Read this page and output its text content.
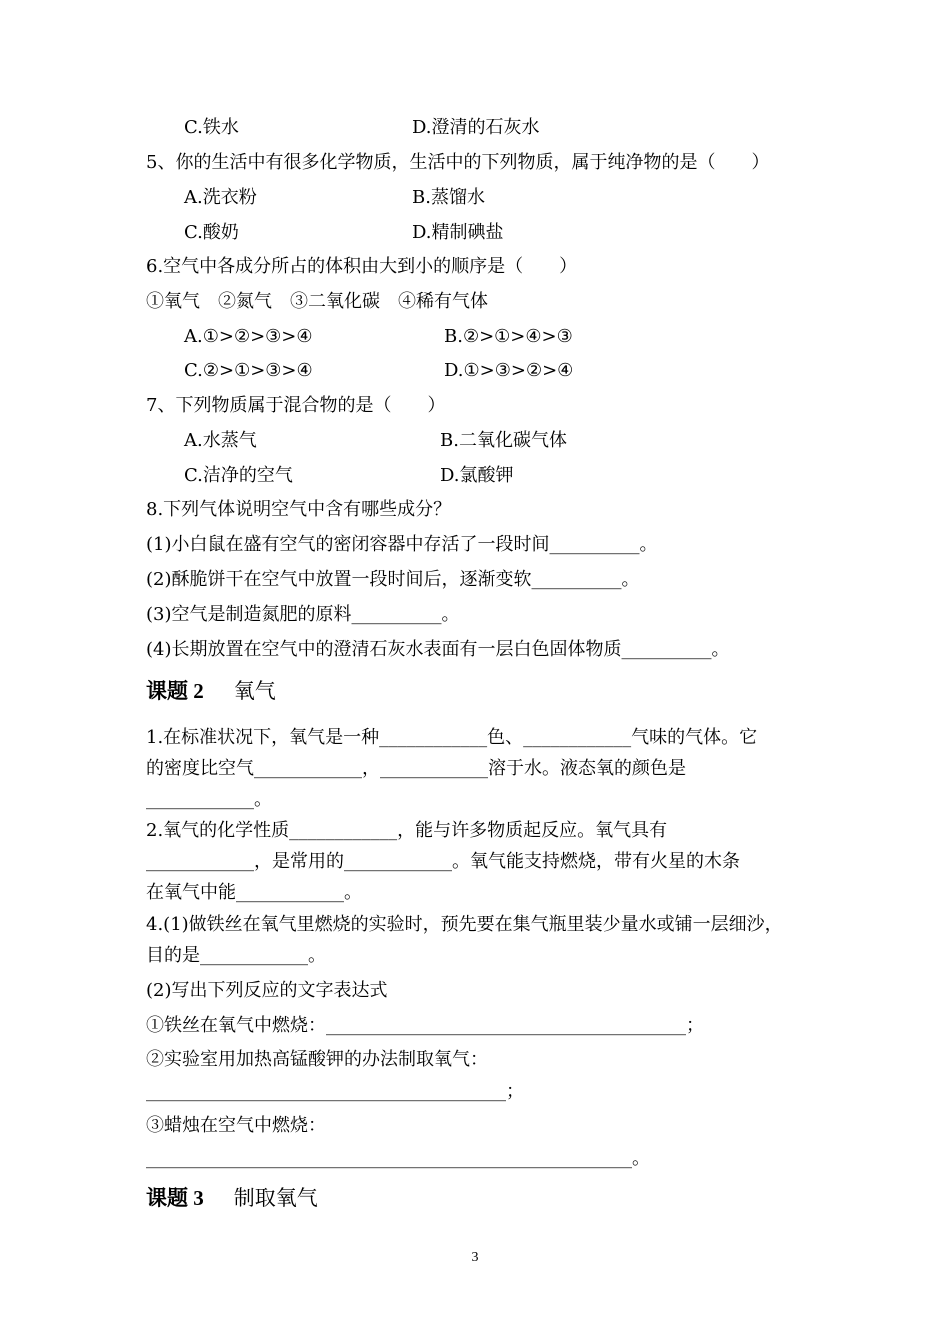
C.铁水	D.澄清的石灰水
5、你的生活中有很多化学物质，生活中的下列物质，属于纯净物的是（　　）
A.洗衣粉	B.蒸馏水
C.酸奶	D.精制碘盐
6.空气中各成分所占的体积由大到小的顺序是（　　）
①氧气　②氮气　③二氧化碳　④稀有气体
A.①>②>③>④	B.②>①>④>③
C.②>①>③>④	D.①>③>②>④
7、下列物质属于混合物的是（　　）
A.水蒸气	B.二氧化碳气体
C.洁净的空气	D.氯酸钾
8.下列气体说明空气中含有哪些成分？
(1)小白鼠在盛有空气的密闭容器中存活了一段时间__________。
(2)酥脆饼干在空气中放置一段时间后，逐渐变软__________。
(3)空气是制造氮肥的原料__________。
(4)长期放置在空气中的澄清石灰水表面有一层白色固体物质__________。
课题 2 氧气
1.在标准状况下，氧气是一种____________色、____________气味的气体。它
的密度比空气____________，____________溶于水。液态氧的颜色是
____________。
2.氧气的化学性质____________，能与许多物质起反应。氧气具有
____________，是常用的____________。氧气能支持燃烧，带有火星的木条
在氧气中能____________。
4.(1)做铁丝在氧气里燃烧的实验时，预先要在集气瓶里装少量水或铺一层细沙，
目的是____________。
(2)写出下列反应的文字表达式
①铁丝在氧气中燃烧：________________________________________；
②实验室用加热高锰酸钾的办法制取氧气：
________________________________________；
③蜡烛在空气中燃烧：
______________________________________________________。
课题 3 制取氧气
3
